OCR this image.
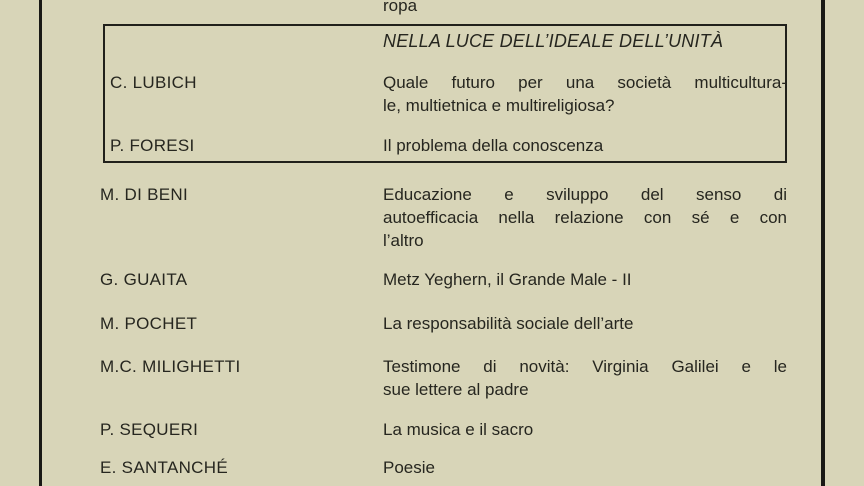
ropa
NELLA LUCE DELL’IDEALE DELL’UNITÀ
C. LUBICH	Quale futuro per una società multicultura-
le, multietnica e multireligiosa?
P. FORESI	Il problema della conoscenza
M. DI BENI	Educazione e sviluppo del senso di
autoefficacia nella relazione con sé e con
l’altro
G. GUAITA	Metz Yeghern, il Grande Male - II
M. POCHET	La responsabilità sociale dell’arte
M.C. MILIGHETTI	Testimone di novità: Virginia Galilei e le
sue lettere al padre
P. SEQUERI	La musica e il sacro
E. SANTANCHÉ	Poesie
